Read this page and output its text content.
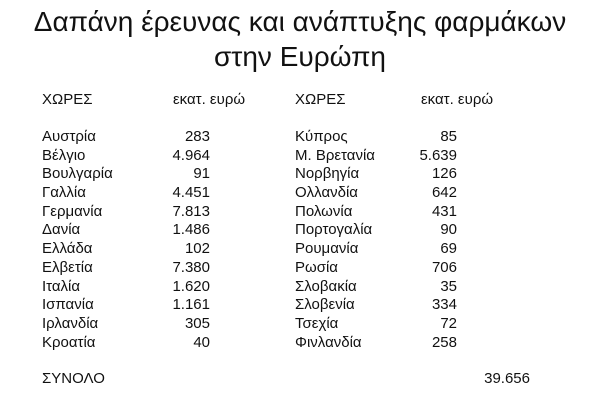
Δαπάνη έρευνας και ανάπτυξης φαρμάκων
στην Ευρώπη
ΧΩΡΕΣ	εκατ. ευρώ
Αυστρία	283
Βέλγιο	4.964
Βουλγαρία	91
Γαλλία	4.451
Γερμανία	7.813
Δανία	1.486
Ελλάδα	102
Ελβετία	7.380
Ιταλία	1.620
Ισπανία	1.161
Ιρλανδία	305
Κροατία	40
ΧΩΡΕΣ	εκατ. ευρώ
Κύπρος	85
Μ. Βρετανία	5.639
Νορβηγία	126
Ολλανδία	642
Πολωνία	431
Πορτογαλία	90
Ρουμανία	69
Ρωσία	706
Σλοβακία	35
Σλοβενία	334
Τσεχία	72
Φινλανδία	258
ΣΥΝΟΛΟ	39.656
